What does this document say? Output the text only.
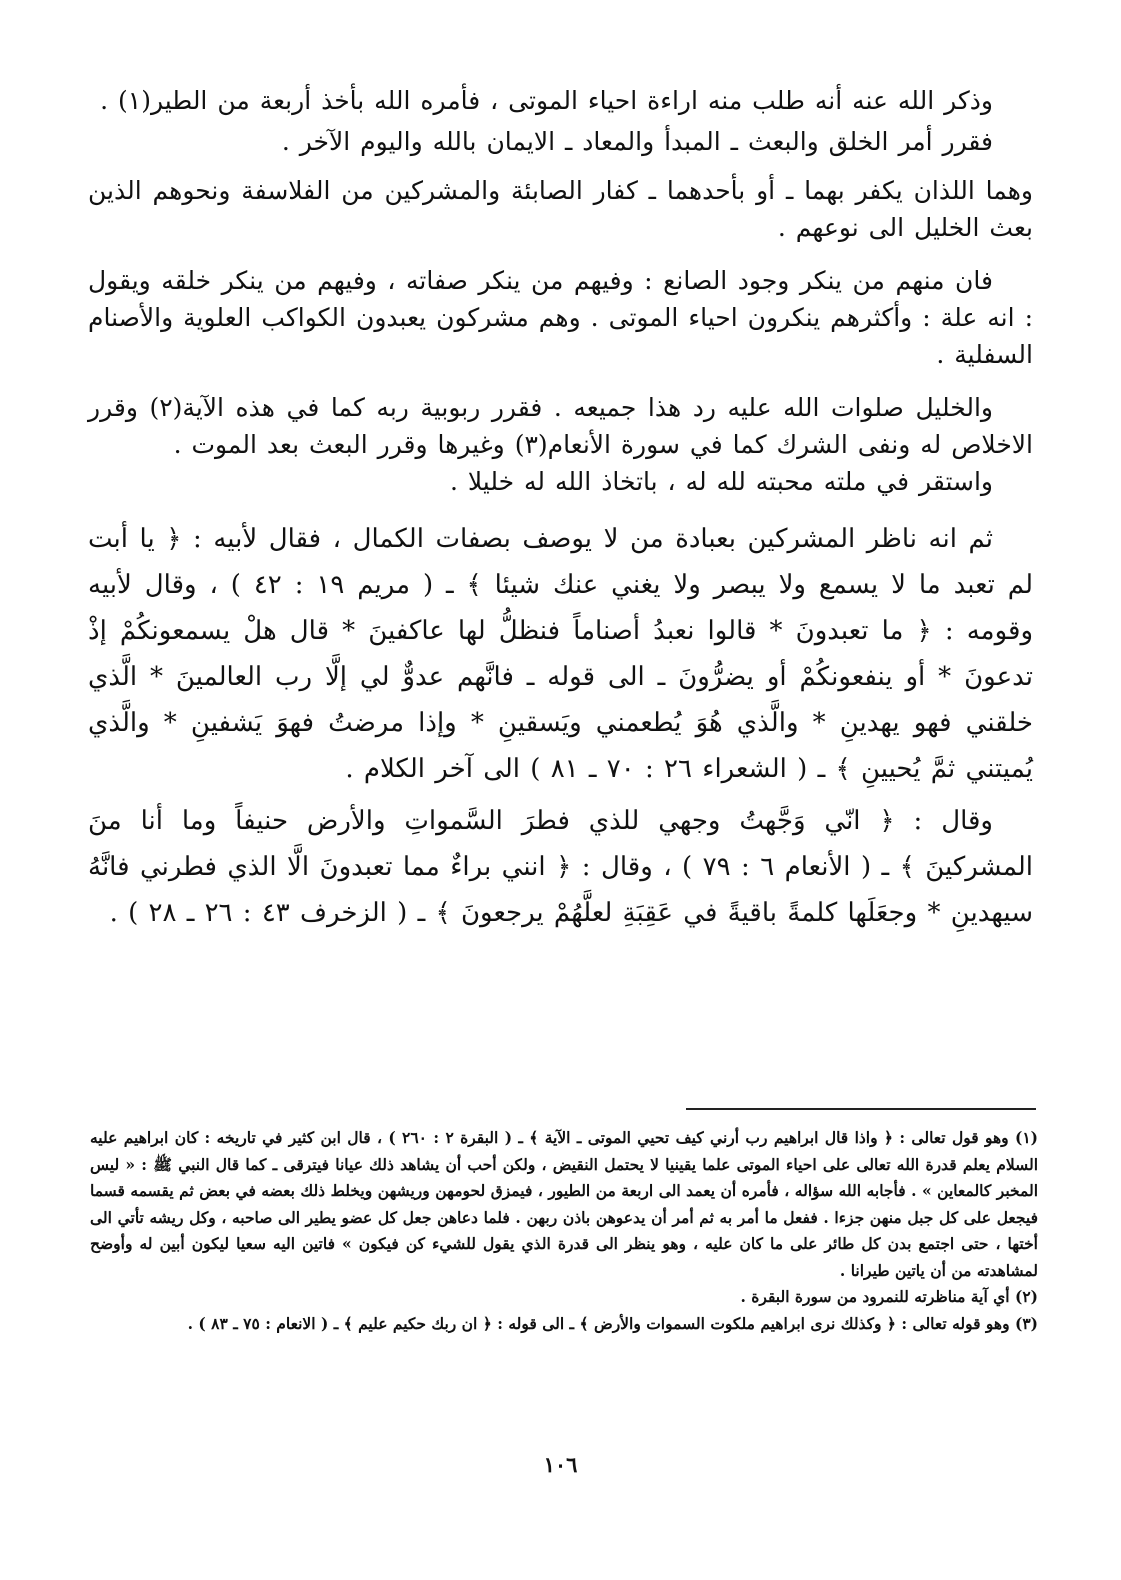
وذكر الله عنه أنه طلب منه اراءة احياء الموتى ، فأمره الله بأخذ أربعة من الطير(١) .

فقرر أمر الخلق والبعث ـ المبدأ والمعاد ـ الايمان بالله واليوم الآخر .

وهما اللذان يكفر بهما ـ أو بأحدهما ـ كفار الصابئة والمشركين من الفلاسفة ونحوهم الذين بعث الخليل الى نوعهم .

فان منهم من ينكر وجود الصانع : وفيهم من ينكر صفاته ، وفيهم من ينكر خلقه ويقول : انه علة : وأكثرهم ينكرون احياء الموتى . وهم مشركون يعبدون الكواكب العلوية والأصنام السفلية .

والخليل صلوات الله عليه رد هذا جميعه . فقرر ربوبية ربه كما في هذه الآية(٢) وقرر الاخلاص له ونفى الشرك كما في سورة الأنعام(٣) وغيرها وقرر البعث بعد الموت .

واستقر في ملته محبته لله له ، باتخاذ الله له خليلا .

ثم انه ناظر المشركين بعبادة من لا يوصف بصفات الكمال ، فقال لأبيه : ﴿ يا أبت لم تعبد ما لا يسمع ولا يبصر ولا يغني عنك شيئا ﴾ ـ ( مريم ١٩ : ٤٢ ) ، وقال لأبيه وقومه : ﴿ ما تعبدونَ * قالوا نعبدُ أصناماً فنظلُّ لها عاكفينَ * قال هلْ يسمعونكُمْ إذْ تدعونَ * أو ينفعونكُمْ أو يضرُّونَ ـ الى قوله ـ فانَّهم عدوٌّ لي إلَّا رب العالمينَ * الَّذي خلقني فهو يهدينِ * والَّذي هُوَ يُطعمني ويَسقينِ * وإذا مرضتُ فهوَ يَشفينِ * والَّذي يُميتني ثمَّ يُحيينِ ﴾ ـ ( الشعراء ٢٦ : ٧٠ ـ ٨١ ) الى آخر الكلام .

وقال : ﴿ انّي وَجَّهتُ وجهي للذي فطرَ السَّمواتِ والأرض حنيفاً وما أنا منَ المشركينَ ﴾ ـ ( الأنعام ٦ : ٧٩ ) ، وقال : ﴿ انني براءٌ مما تعبدونَ الَّا الذي فطرني فانَّهُ سيهدينِ * وجعَلَها كلمةً باقيةً في عَقِبَةِ لعلَّهُمْ يرجعونَ ﴾ ـ ( الزخرف ٤٣ : ٢٦ ـ ٢٨ ) .

(١) وهو قول تعالى : ﴿ واذا قال ابراهيم رب أرني كيف تحيي الموتى ـ الآية ﴾ ـ ( البقرة ٢ : ٢٦٠ ) ، قال ابن كثير في تاريخه : كان ابراهيم عليه السلام يعلم قدرة الله تعالى على احياء الموتى علما يقينيا لا يحتمل النقيض ، ولكن أحب أن يشاهد ذلك عيانا فيترقى ـ كما قال النبي ﷺ : « ليس المخبر كالمعاين » . فأجابه الله سؤاله ، فأمره أن يعمد الى اربعة من الطيور ، فيمزق لحومهن وريشهن ويخلط ذلك بعضه في بعض ثم يقسمه قسما فيجعل على كل جبل منهن جزءا . ففعل ما أمر به ثم أمر أن يدعوهن باذن ربهن . فلما دعاهن جعل كل عضو يطير الى صاحبه ، وكل ريشه تأتي الى أختها ، حتى اجتمع بدن كل طائر على ما كان عليه ، وهو ينظر الى قدرة الذي يقول للشيء كن فيكون » فاتين اليه سعيا ليكون أبين له وأوضح لمشاهدته من أن ياتين طيرانا .

(٢) أي آية مناظرته للنمرود من سورة البقرة .

(٣) وهو قوله تعالى : ﴿ وكذلك نرى ابراهيم ملكوت السموات والأرض ﴾ ـ الى قوله : ﴿ ان ربك حكيم عليم ﴾ ـ ( الانعام : ٧٥ ـ ٨٣ ) .

١٠٦
